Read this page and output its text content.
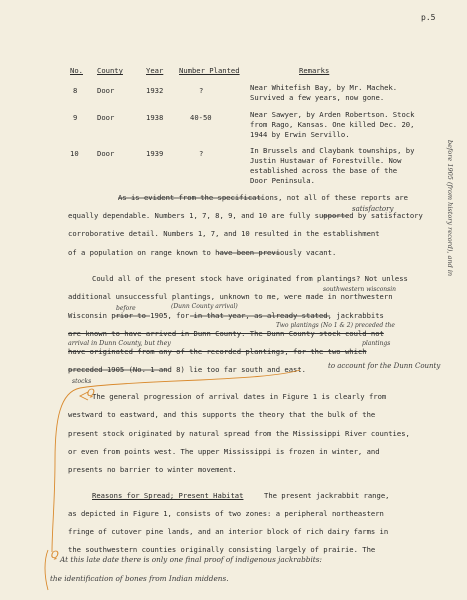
p.5
No. County	Year Number Planted	Remarks
8	Door	1932	?	Near Whitefish Bay, by Mr. Machek.
Survived a few years, now gone.
9	Door	1938	40-50	Near Sawyer, by Arden Robertson. Stock
from Rago, Kansas. One killed Dec. 20,
1944 by Erwin Servillo.
10	Door	1939	?	In Brussels and Claybank townships, by
Justin Hustawar of Forestville. Now
established across the base of the
Door Peninsula.
As is evident from the specifications, not all of these reports are
equally dependable. Numbers 1, 7, 8, 9, and 10 are fully supported by satisfactory
corroborative detail. Numbers 1, 7, and 10 resulted in the establishment
of a population on range known to have been previously vacant.
Could all of the present stock have originated from plantings? Not unless
additional unsuccessful plantings, unknown to me, were made in northwestern
Wisconsin prior to 1905, for in that year, as already stated, jackrabbits
are known to have arrived in Dunn County. The Dunn County stock could not
have originated from any of the recorded plantings, for the two which
preceded 1905 (No. 1 and 8) lie too far south and east.
The general progression of arrival dates in Figure 1 is clearly from
westward to eastward, and this supports the theory that the bulk of the
present stock originated by natural spread from the Mississippi River counties,
or even from points west. The upper Mississippi is frozen in winter, and
presents no barrier to winter movement.
Reasons for Spread; Present Habitat	The present jackrabbit range,
as depicted in Figure 1, consists of two zones: a peripheral northeastern
fringe of cutover pine lands, and an interior block of rich dairy farms in
the southwestern counties originally consisting largely of prairie. The
satisfactory
southwestern wisconsin
before	(Dunn County arrival)
Two plantings (No 1 & 2) preceded the
plantings
arrival in Dunn County, but they
to account for the Dunn County
stocks
before 1905 (from history record), and in
Ꝗ
Ꝗ At this late date there is only one final proof of indigenous jackrabbits:
the identification of bones from Indian middens.
